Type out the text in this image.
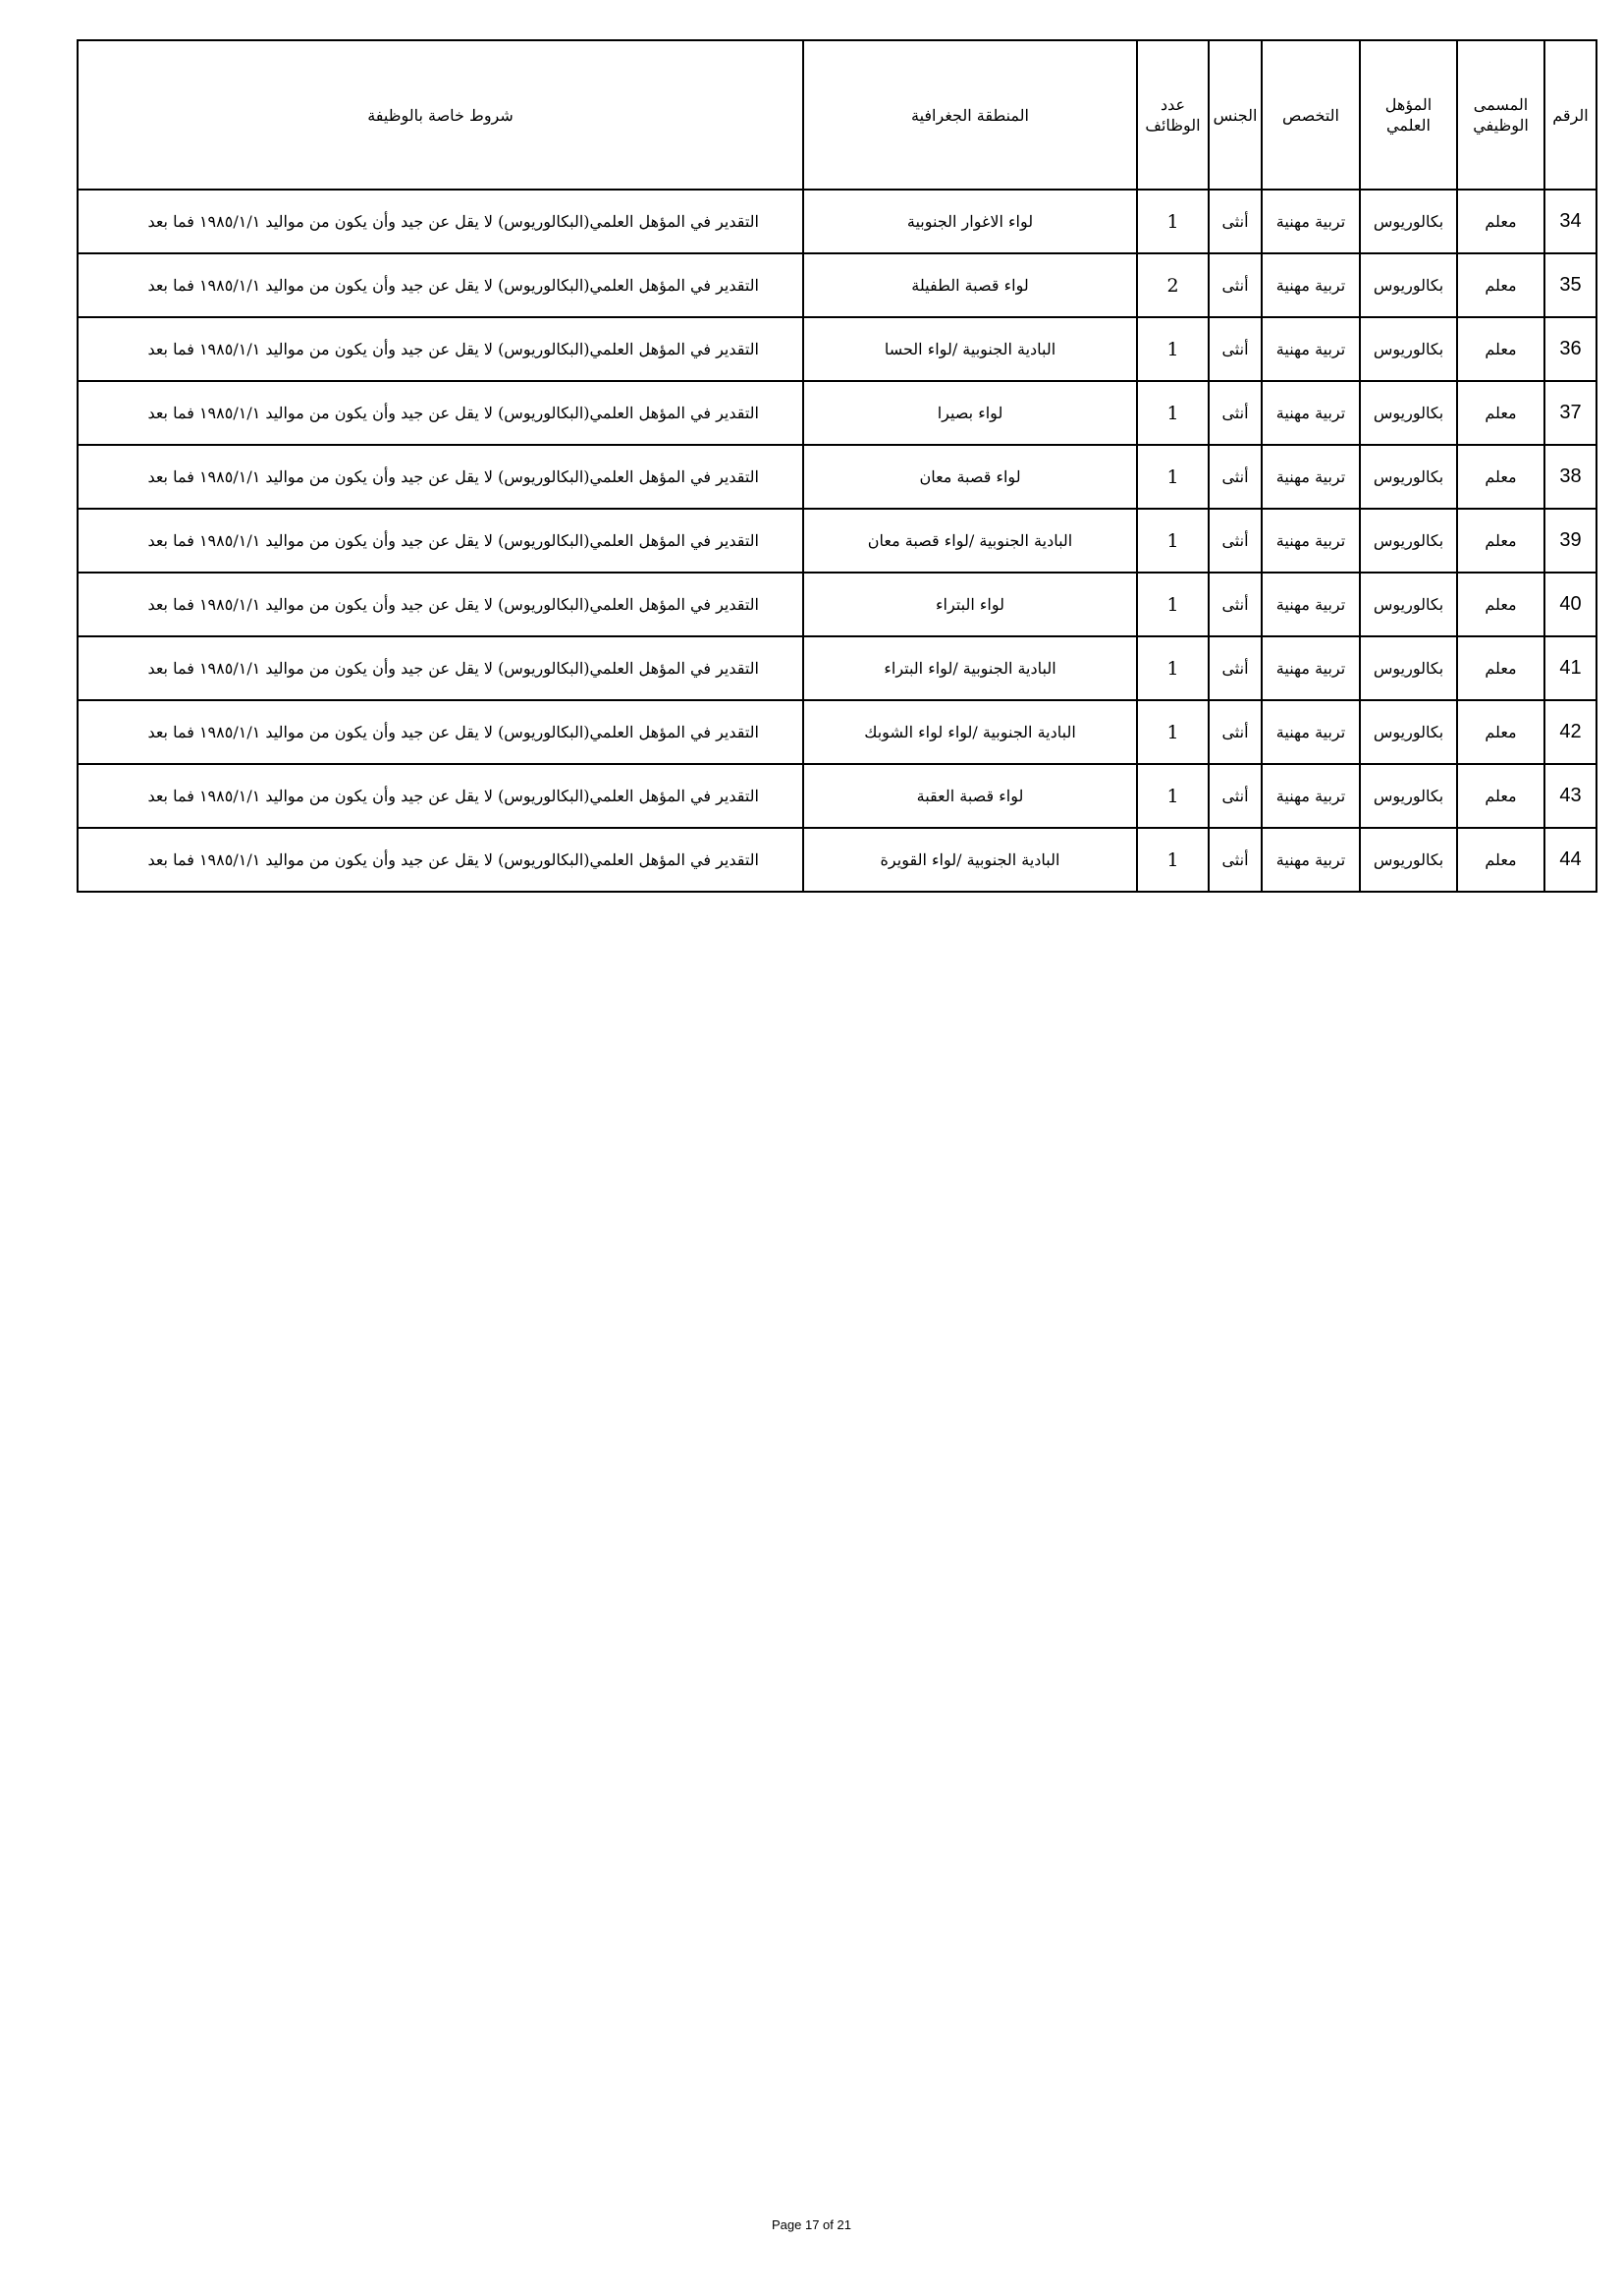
الرقم	المسمى الوظيفي	المؤهل العلمي	التخصص	الجنس	عدد الوظائف	المنطقة الجغرافية	شروط خاصة بالوظيفة
34	معلم	بكالوريوس	تربية مهنية	أنثى	1	لواء الاغوار الجنوبية	التقدير في المؤهل العلمي(البكالوريوس) لا يقل عن جيد وأن يكون من مواليد ١٩٨٥/١/١ فما بعد
35	معلم	بكالوريوس	تربية مهنية	أنثى	2	لواء قصبة الطفيلة	التقدير في المؤهل العلمي(البكالوريوس) لا يقل عن جيد وأن يكون من مواليد ١٩٨٥/١/١ فما بعد
36	معلم	بكالوريوس	تربية مهنية	أنثى	1	البادية الجنوبية /لواء الحسا	التقدير في المؤهل العلمي(البكالوريوس) لا يقل عن جيد وأن يكون من مواليد ١٩٨٥/١/١ فما بعد
37	معلم	بكالوريوس	تربية مهنية	أنثى	1	لواء بصيرا	التقدير في المؤهل العلمي(البكالوريوس) لا يقل عن جيد وأن يكون من مواليد ١٩٨٥/١/١ فما بعد
38	معلم	بكالوريوس	تربية مهنية	أنثى	1	لواء قصبة معان	التقدير في المؤهل العلمي(البكالوريوس) لا يقل عن جيد وأن يكون من مواليد ١٩٨٥/١/١ فما بعد
39	معلم	بكالوريوس	تربية مهنية	أنثى	1	البادية الجنوبية /لواء قصبة معان	التقدير في المؤهل العلمي(البكالوريوس) لا يقل عن جيد وأن يكون من مواليد ١٩٨٥/١/١ فما بعد
40	معلم	بكالوريوس	تربية مهنية	أنثى	1	لواء البتراء	التقدير في المؤهل العلمي(البكالوريوس) لا يقل عن جيد وأن يكون من مواليد ١٩٨٥/١/١ فما بعد
41	معلم	بكالوريوس	تربية مهنية	أنثى	1	البادية الجنوبية /لواء البتراء	التقدير في المؤهل العلمي(البكالوريوس) لا يقل عن جيد وأن يكون من مواليد ١٩٨٥/١/١ فما بعد
42	معلم	بكالوريوس	تربية مهنية	أنثى	1	البادية الجنوبية /لواء لواء الشوبك	التقدير في المؤهل العلمي(البكالوريوس) لا يقل عن جيد وأن يكون من مواليد ١٩٨٥/١/١ فما بعد
43	معلم	بكالوريوس	تربية مهنية	أنثى	1	لواء قصبة العقبة	التقدير في المؤهل العلمي(البكالوريوس) لا يقل عن جيد وأن يكون من مواليد ١٩٨٥/١/١ فما بعد
44	معلم	بكالوريوس	تربية مهنية	أنثى	1	البادية الجنوبية /لواء القويرة	التقدير في المؤهل العلمي(البكالوريوس) لا يقل عن جيد وأن يكون من مواليد ١٩٨٥/١/١ فما بعد
Page 17 of 21
